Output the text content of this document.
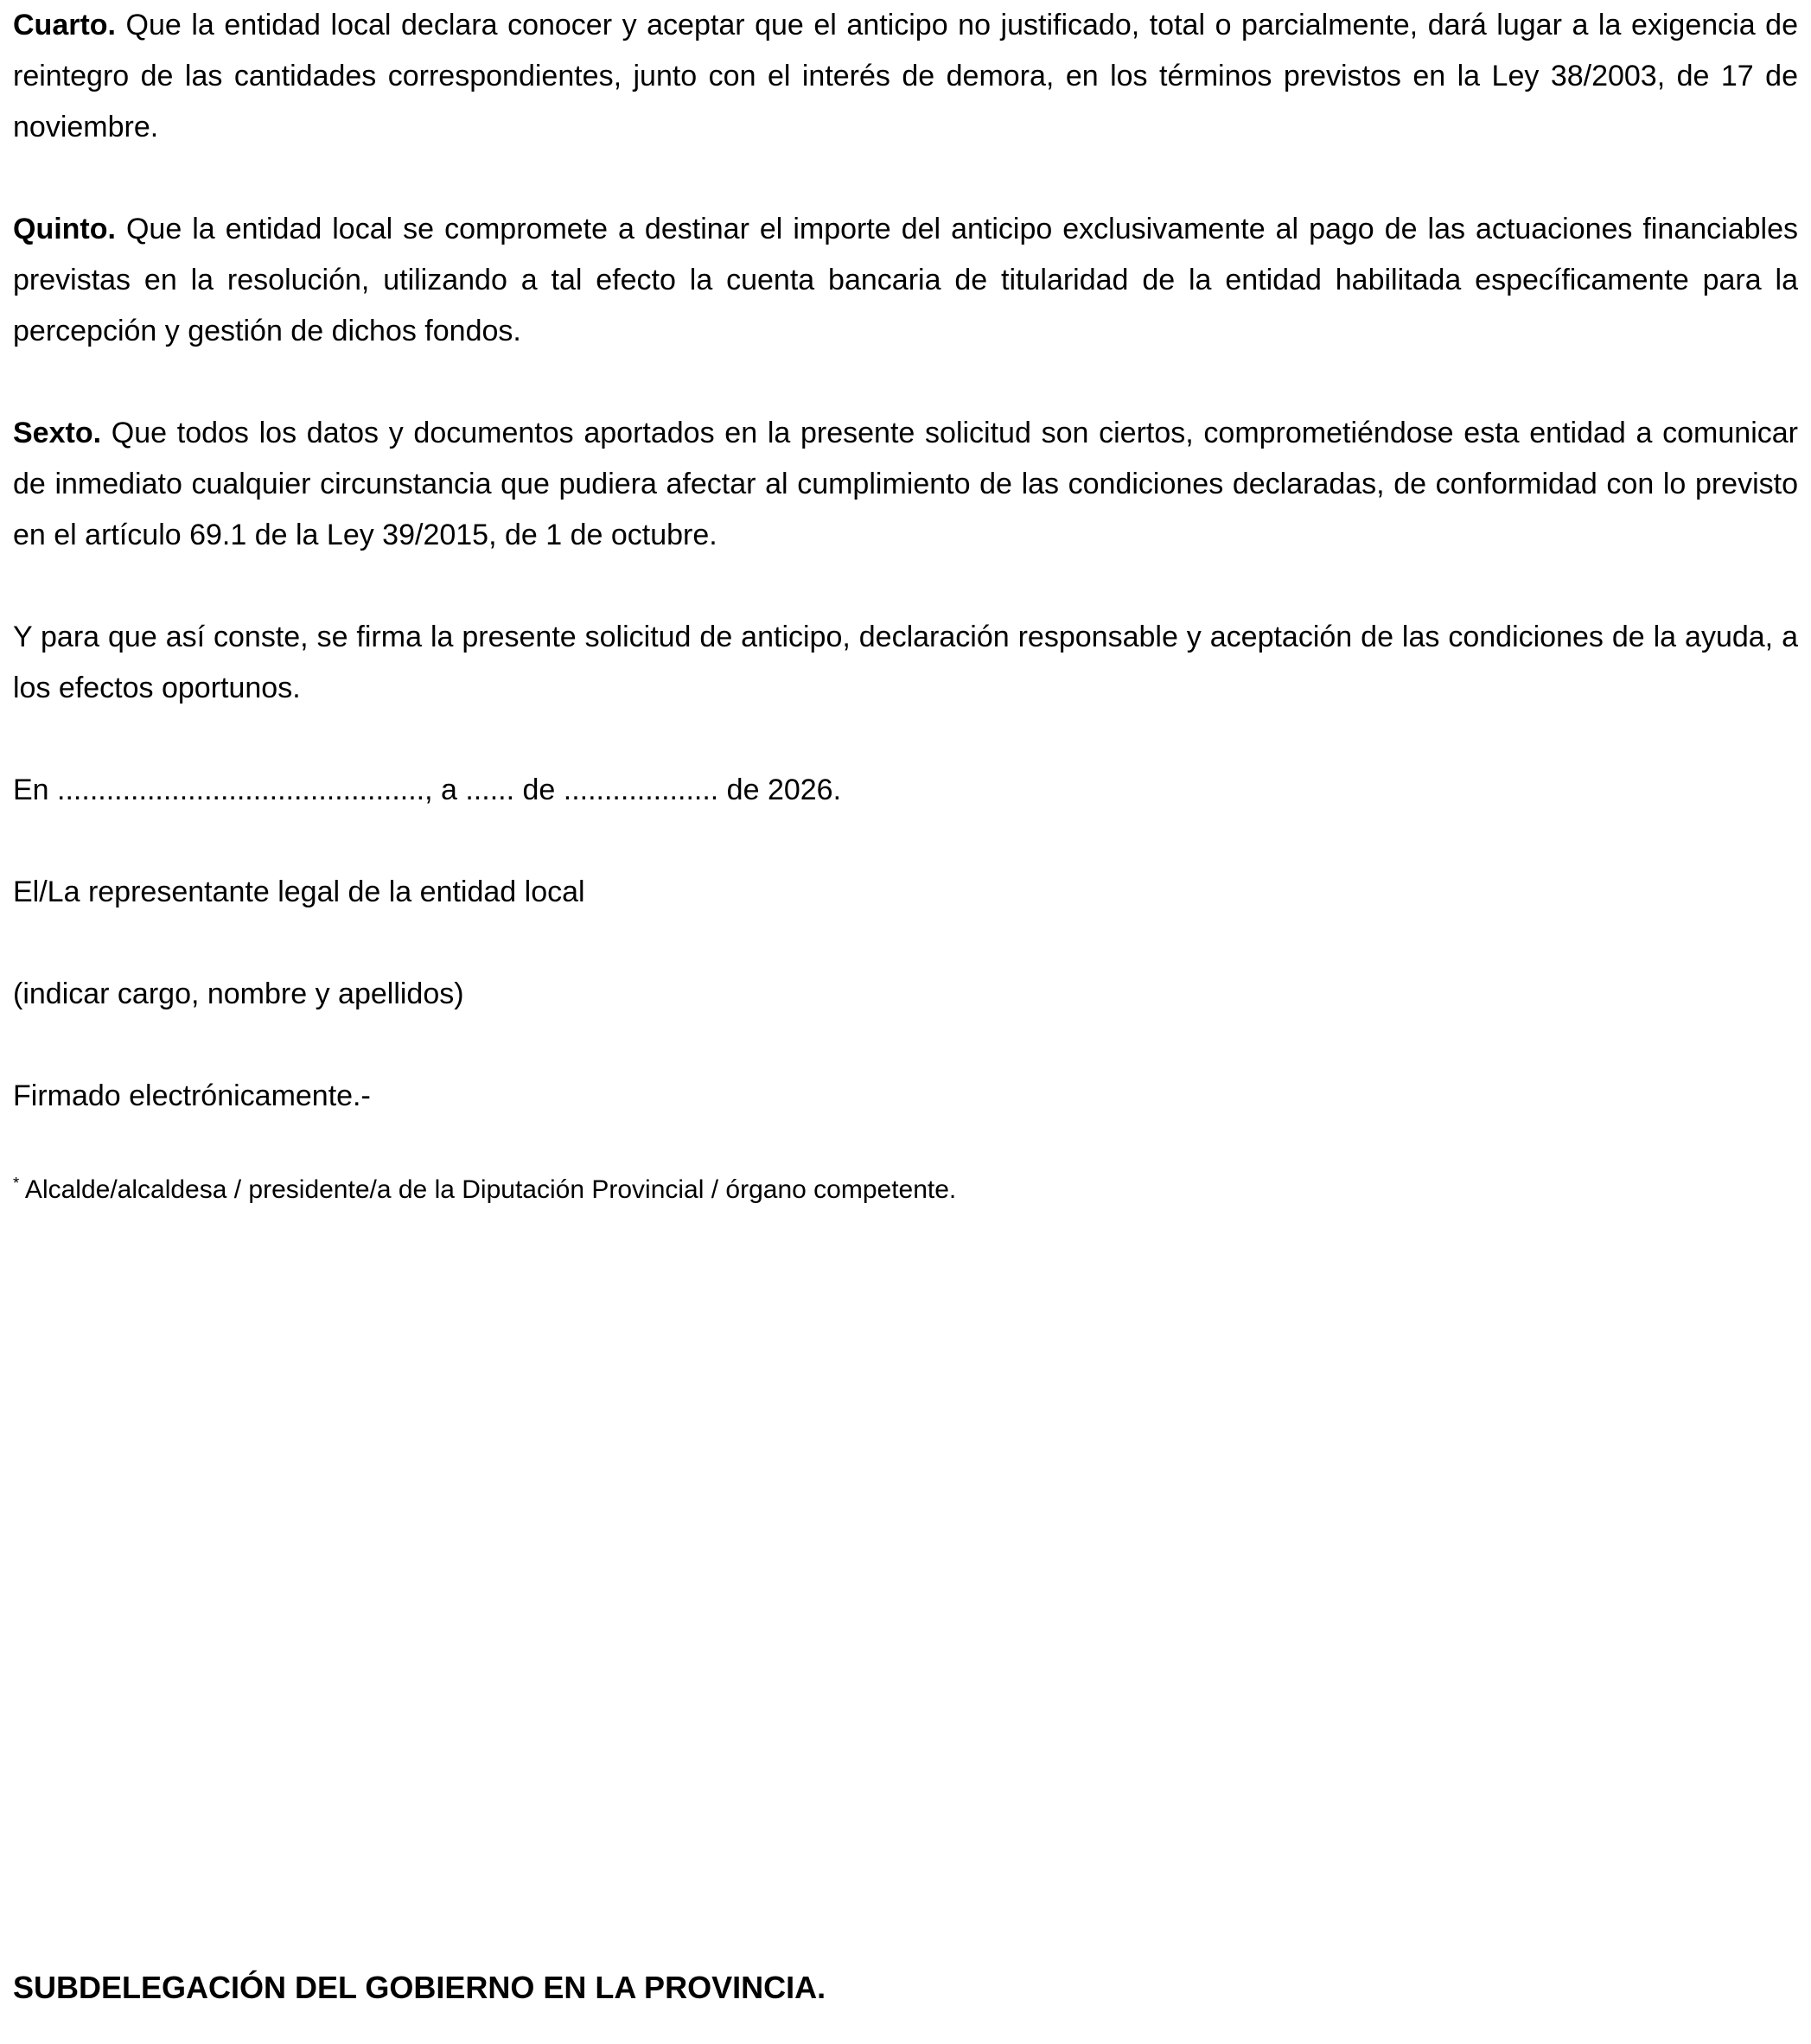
Cuarto. Que la entidad local declara conocer y aceptar que el anticipo no justificado, total o parcialmente, dará lugar a la exigencia de reintegro de las cantidades correspondientes, junto con el interés de demora, en los términos previstos en la Ley 38/2003, de 17 de noviembre.

Quinto. Que la entidad local se compromete a destinar el importe del anticipo exclusivamente al pago de las actuaciones financiables previstas en la resolución, utilizando a tal efecto la cuenta bancaria de titularidad de la entidad habilitada específicamente para la percepción y gestión de dichos fondos.

Sexto. Que todos los datos y documentos aportados en la presente solicitud son ciertos, comprometiéndose esta entidad a comunicar de inmediato cualquier circunstancia que pudiera afectar al cumplimiento de las condiciones declaradas, de conformidad con lo previsto en el artículo 69.1 de la Ley 39/2015, de 1 de octubre.

Y para que así conste, se firma la presente solicitud de anticipo, declaración responsable y aceptación de las condiciones de la ayuda, a los efectos oportunos.

En ............................................., a ...... de ................... de 2026.

El/La representante legal de la entidad local

(indicar cargo, nombre y apellidos)

Firmado electrónicamente.-

* Alcalde/alcaldesa / presidente/a de la Diputación Provincial / órgano competente.

SUBDELEGACIÓN DEL GOBIERNO EN LA PROVINCIA.
